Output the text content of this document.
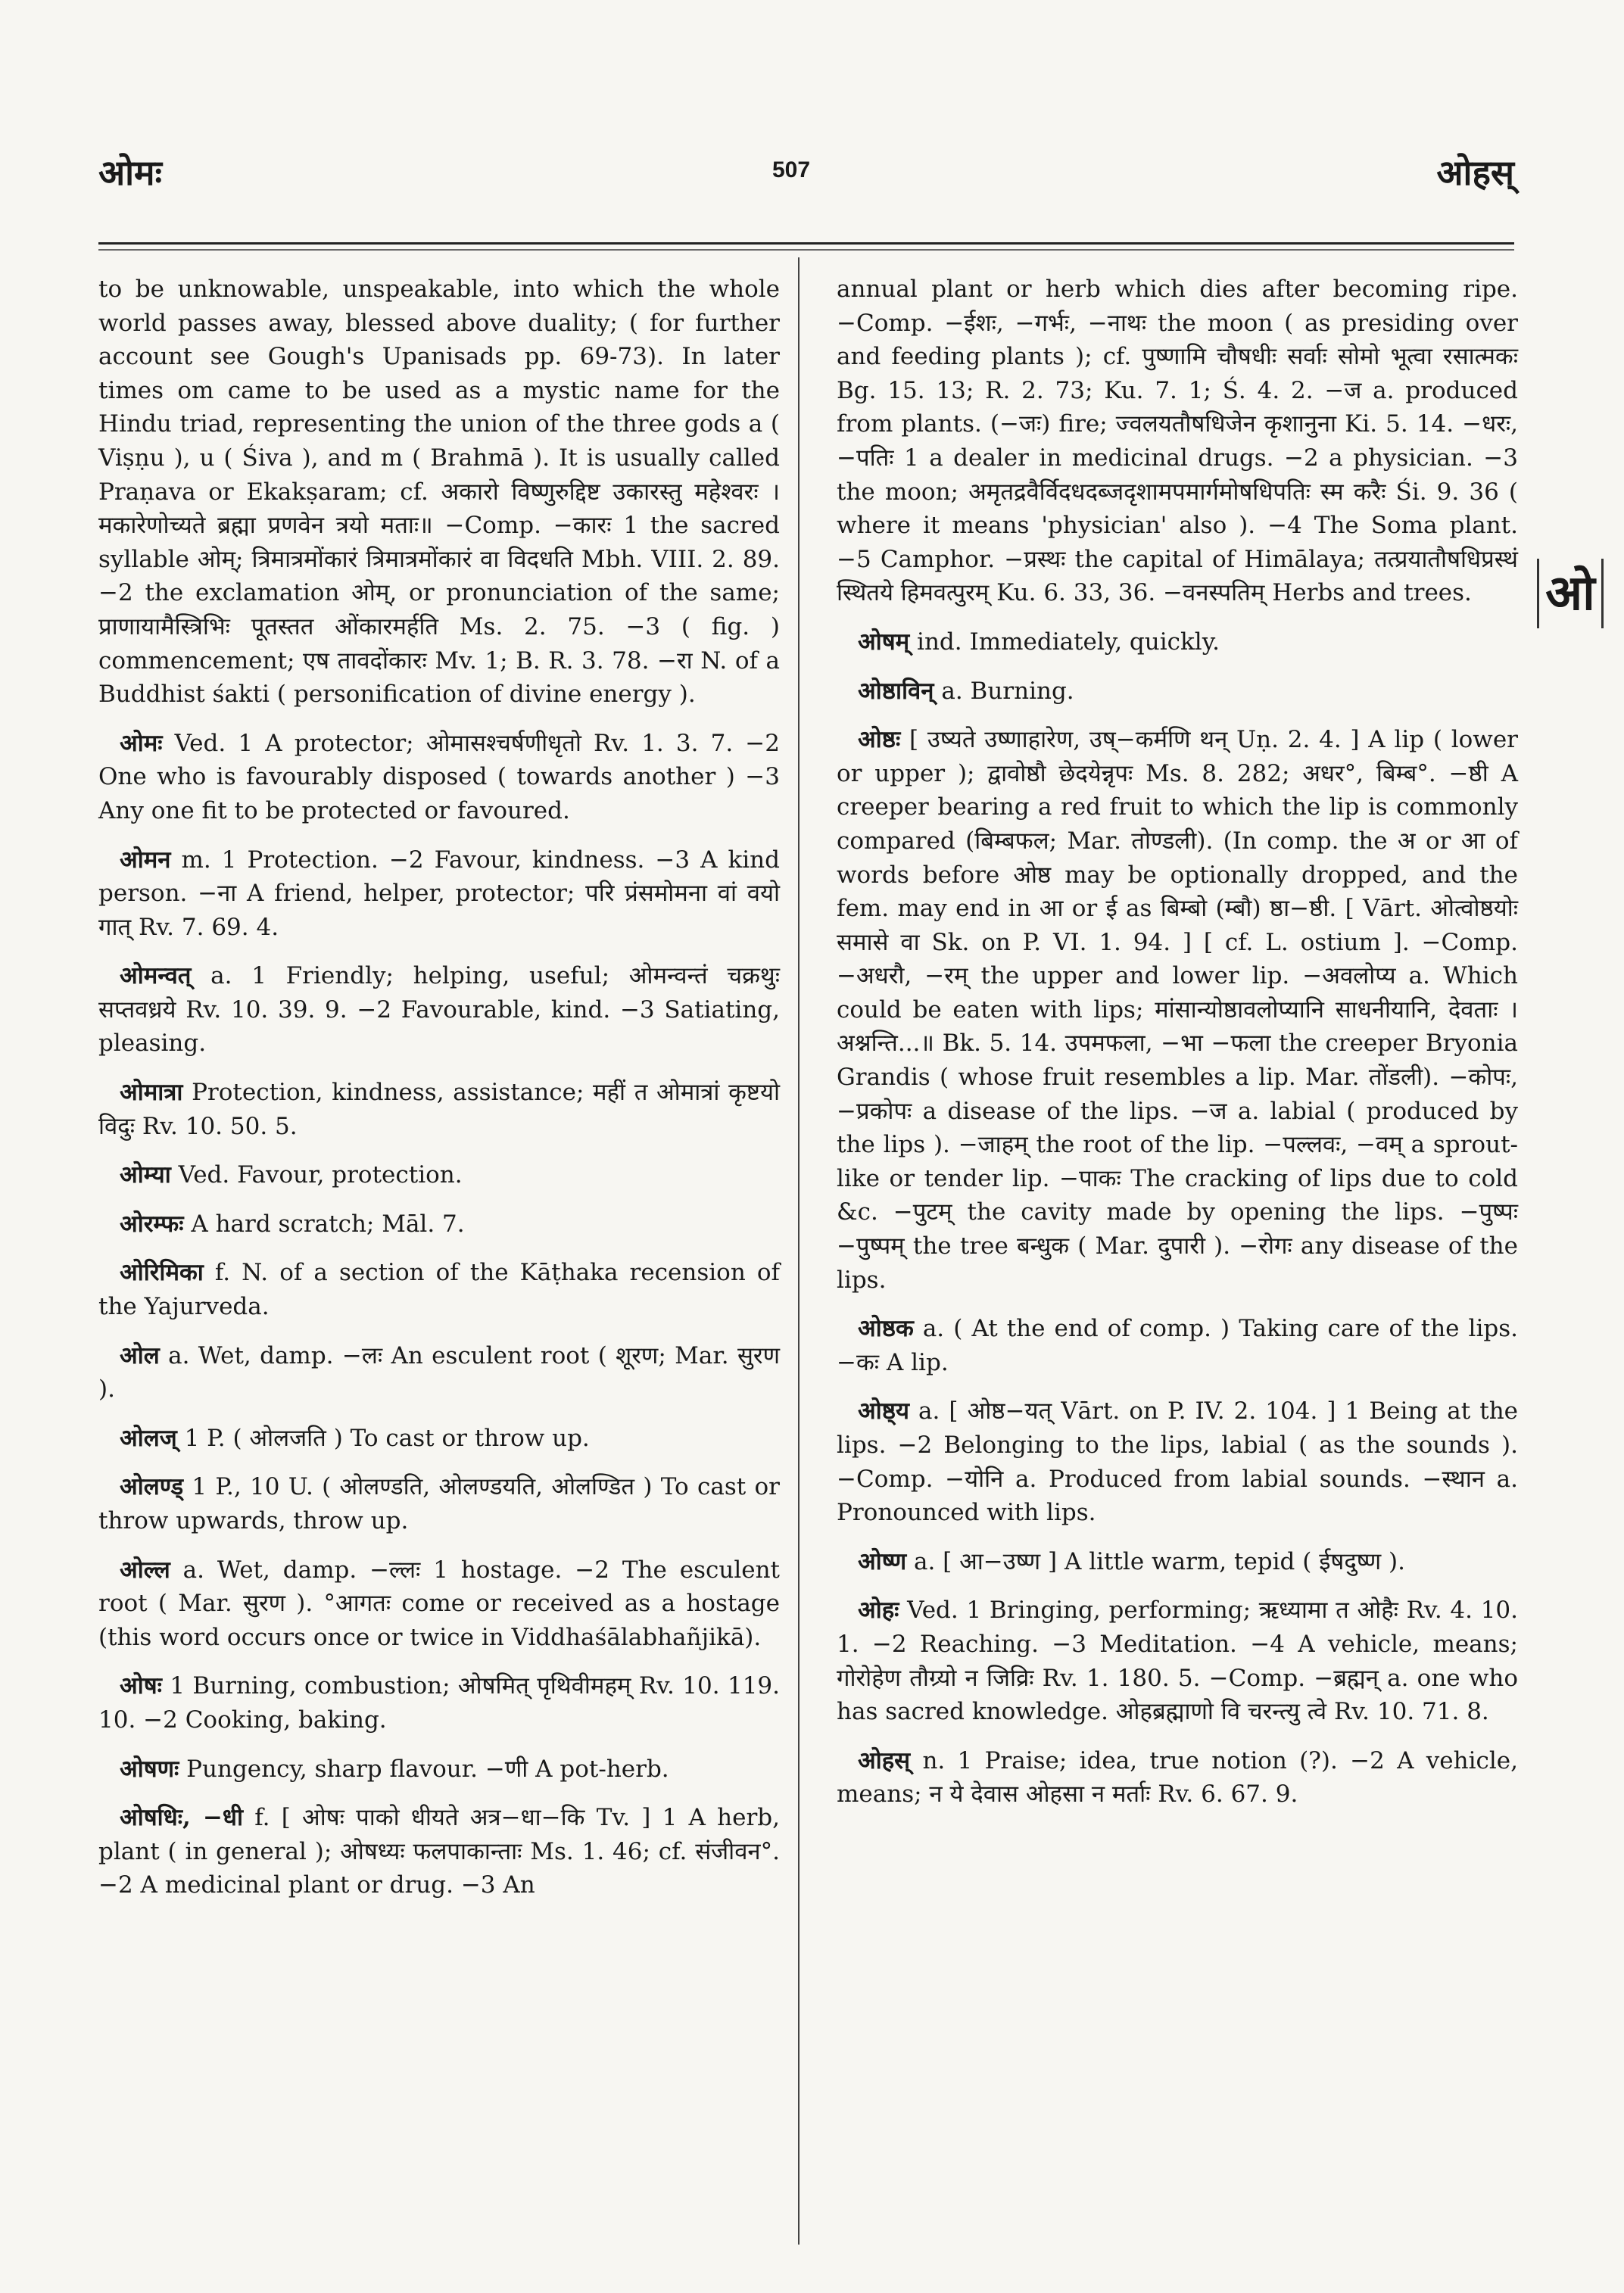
ओमः	507	ओहस्

to be unknowable, unspeakable, into which the whole world passes away, blessed above duality; ( for further account see Gough's Upanisads pp. 69-73). In later times om came to be used as a mystic name for the Hindu triad, representing the union of the three gods a ( Viṣṇu ), u ( Śiva ), and m ( Brahmā ). It is usually called Praṇava or Ekakṣaram; cf. अकारो विष्णुरुद्दिष्ट उकारस्तु महेश्वरः । मकारेणोच्यते ब्रह्मा प्रणवेन त्रयो मताः॥ −Comp. −कारः 1 the sacred syllable ओम्; त्रिमात्रमोंकारं त्रिमात्रमोंकारं वा विदधति Mbh. VIII. 2. 89. −2 the exclamation ओम्, or pronunciation of the same; प्राणायामैस्त्रिभिः पूतस्तत ओंकारमर्हति Ms. 2. 75. −3 ( fig. ) commencement; एष तावदोंकारः Mv. 1; B. R. 3. 78. −रा N. of a Buddhist śakti ( personification of divine energy ).

ओमः Ved. 1 A protector; ओमासश्चर्षणीधृतो Rv. 1. 3. 7. −2 One who is favourably disposed ( towards another ) −3 Any one fit to be protected or favoured.

ओमन m. 1 Protection. −2 Favour, kindness. −3 A kind person. −ना A friend, helper, protector; परि प्रंसमोमना वां वयो गात् Rv. 7. 69. 4.

ओमन्वत् a. 1 Friendly; helping, useful; ओमन्वन्तं चक्रथुः सप्तवध्रये Rv. 10. 39. 9. −2 Favourable, kind. −3 Satiating, pleasing.

ओमात्रा Protection, kindness, assistance; महीं त ओमात्रां कृष्टयो विदुः Rv. 10. 50. 5.

ओम्या Ved. Favour, protection.

ओरम्फः A hard scratch; Māl. 7.

ओरिमिका f. N. of a section of the Kāṭhaka recension of the Yajurveda.

ओल a. Wet, damp. −लः An esculent root ( शूरण; Mar. सुरण ).

ओलज् 1 P. ( ओलजति ) To cast or throw up.

ओलण्ड् 1 P., 10 U. ( ओलण्डति, ओलण्डयति, ओलण्डित ) To cast or throw upwards, throw up.

ओल्ल a. Wet, damp. −ल्लः 1 hostage. −2 The esculent root ( Mar. सुरण ). °आगतः come or received as a hostage (this word occurs once or twice in Viddhaśālabhañjikā).

ओषः 1 Burning, combustion; ओषमित् पृथिवीमहम् Rv. 10. 119. 10. −2 Cooking, baking.

ओषणः Pungency, sharp flavour. −णी A pot-herb.

ओषधिः, −धी f. [ ओषः पाको धीयते अत्र−धा−कि Tv. ] 1 A herb, plant ( in general ); ओषध्यः फलपाकान्ताः Ms. 1. 46; cf. संजीवन°. −2 A medicinal plant or drug. −3 An

annual plant or herb which dies after becoming ripe. −Comp. −ईशः, −गर्भः, −नाथः the moon ( as presiding over and feeding plants ); cf. पुष्णामि चौषधीः सर्वाः सोमो भूत्वा रसात्मकः Bg. 15. 13; R. 2. 73; Ku. 7. 1; Ś. 4. 2. −ज a. produced from plants. (−जः) fire; ज्वलयतौषधिजेन कृशानुना Ki. 5. 14. −धरः, −पतिः 1 a dealer in medicinal drugs. −2 a physician. −3 the moon; अमृतद्रवैर्विदधदब्जदृशामपमार्गमोषधिपतिः स्म करैः Śi. 9. 36 ( where it means 'physician' also ). −4 The Soma plant. −5 Camphor. −प्रस्थः the capital of Himālaya; तत्प्रयातौषधिप्रस्थं स्थितये हिमवत्पुरम् Ku. 6. 33, 36. −वनस्पतिम् Herbs and trees.

ओषम् ind. Immediately, quickly.

ओष्ठाविन् a. Burning.

ओष्ठः [ उष्यते उष्णाहारेण, उष्−कर्मणि थन् Uṇ. 2. 4. ] A lip ( lower or upper ); द्वावोष्ठौ छेदयेन्नृपः Ms. 8. 282; अधर°, बिम्ब°. −ष्ठी A creeper bearing a red fruit to which the lip is commonly compared (बिम्बफल; Mar. तोण्डली). (In comp. the अ or आ of words before ओष्ठ may be optionally dropped, and the fem. may end in आ or ई as बिम्बो (म्बौ) ष्ठा−ष्ठी. [ Vārt. ओत्वोष्ठयोः समासे वा Sk. on P. VI. 1. 94. ] [ cf. L. ostium ]. −Comp. −अधरौ, −रम् the upper and lower lip. −अवलोप्य a. Which could be eaten with lips; मांसान्योष्ठावलोप्यानि साधनीयानि, देवताः । अश्नन्ति...॥ Bk. 5. 14. उपमफला, −भा −फला the creeper Bryonia Grandis ( whose fruit resembles a lip. Mar. तोंडली). −कोपः, −प्रकोपः a disease of the lips. −ज a. labial ( produced by the lips ). −जाहम् the root of the lip. −पल्लवः, −वम् a sprout-like or tender lip. −पाकः The cracking of lips due to cold &c. −पुटम् the cavity made by opening the lips. −पुष्पः −पुष्पम् the tree बन्धुक ( Mar. दुपारी ). −रोगः any disease of the lips.

ओष्ठक a. ( At the end of comp. ) Taking care of the lips. −कः A lip.

ओष्ठ्य a. [ ओष्ठ−यत् Vārt. on P. IV. 2. 104. ] 1 Being at the lips. −2 Belonging to the lips, labial ( as the sounds ). −Comp. −योनि a. Produced from labial sounds. −स्थान a. Pronounced with lips.

ओष्ण a. [ आ−उष्ण ] A little warm, tepid ( ईषदुष्ण ).

ओहः Ved. 1 Bringing, performing; ऋध्यामा त ओहैः Rv. 4. 10. 1. −2 Reaching. −3 Meditation. −4 A vehicle, means; गोरोहेण तौग्र्यो न जिव्रिः Rv. 1. 180. 5. −Comp. −ब्रह्मन् a. one who has sacred knowledge. ओहब्रह्माणो वि चरन्त्यु त्वे Rv. 10. 71. 8.

ओहस् n. 1 Praise; idea, true notion (?). −2 A vehicle, means; न ये देवास ओहसा न मर्ताः Rv. 6. 67. 9.

ओ
